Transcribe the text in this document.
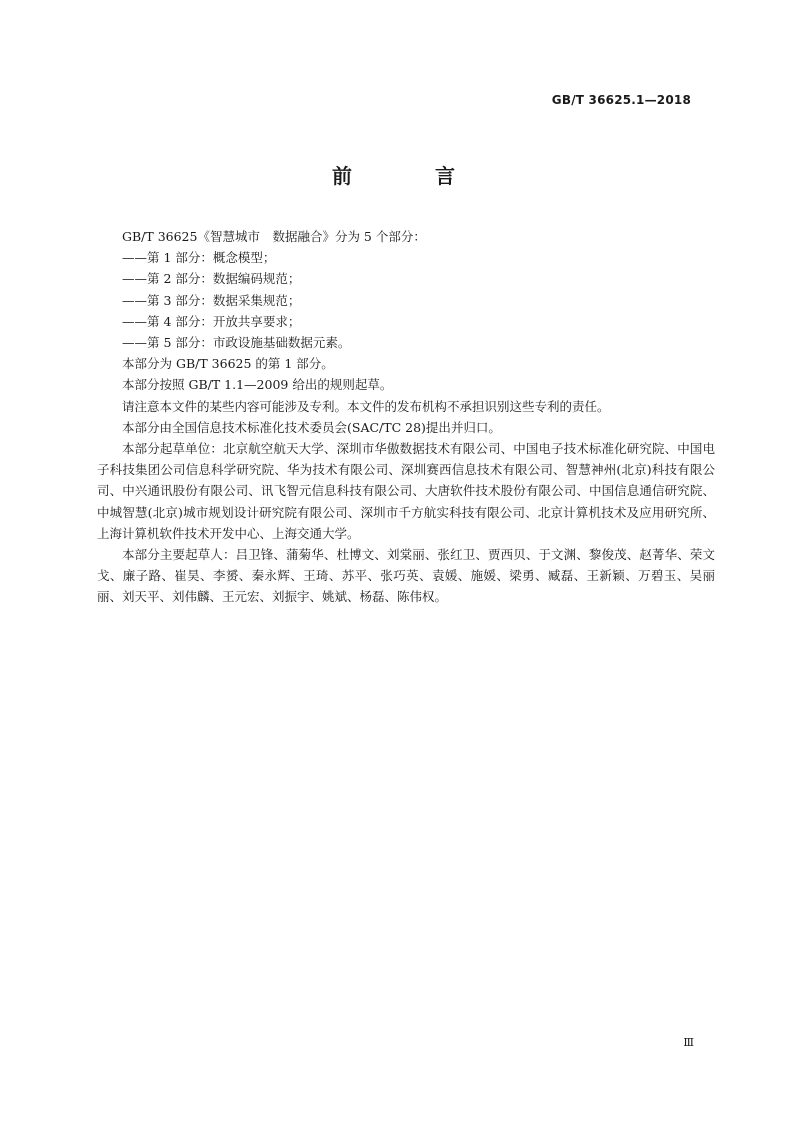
GB/T 36625.1—2018
前 言

GB/T 36625《智慧城市　数据融合》分为 5 个部分：

——第 1 部分：概念模型；

——第 2 部分：数据编码规范；

——第 3 部分：数据采集规范；

——第 4 部分：开放共享要求；

——第 5 部分：市政设施基础数据元素。

本部分为 GB/T 36625 的第 1 部分。

本部分按照 GB/T 1.1—2009 给出的规则起草。

请注意本文件的某些内容可能涉及专利。本文件的发布机构不承担识别这些专利的责任。

本部分由全国信息技术标准化技术委员会(SAC/TC 28)提出并归口。

本部分起草单位：北京航空航天大学、深圳市华傲数据技术有限公司、中国电子技术标准化研究院、中国电子科技集团公司信息科学研究院、华为技术有限公司、深圳赛西信息技术有限公司、智慧神州(北京)科技有限公司、中兴通讯股份有限公司、讯飞智元信息科技有限公司、大唐软件技术股份有限公司、中国信息通信研究院、中城智慧(北京)城市规划设计研究院有限公司、深圳市千方航实科技有限公司、北京计算机技术及应用研究所、上海计算机软件技术开发中心、上海交通大学。

本部分主要起草人：吕卫锋、蒲菊华、杜博文、刘棠丽、张红卫、贾西贝、于文渊、黎俊茂、赵菁华、荣文戈、廉子路、崔昊、李赟、秦永辉、王琦、苏平、张巧英、袁媛、施媛、梁勇、臧磊、王新颖、万碧玉、吴丽丽、刘天平、刘伟麟、王元宏、刘振宇、姚斌、杨磊、陈伟权。

Ⅲ
